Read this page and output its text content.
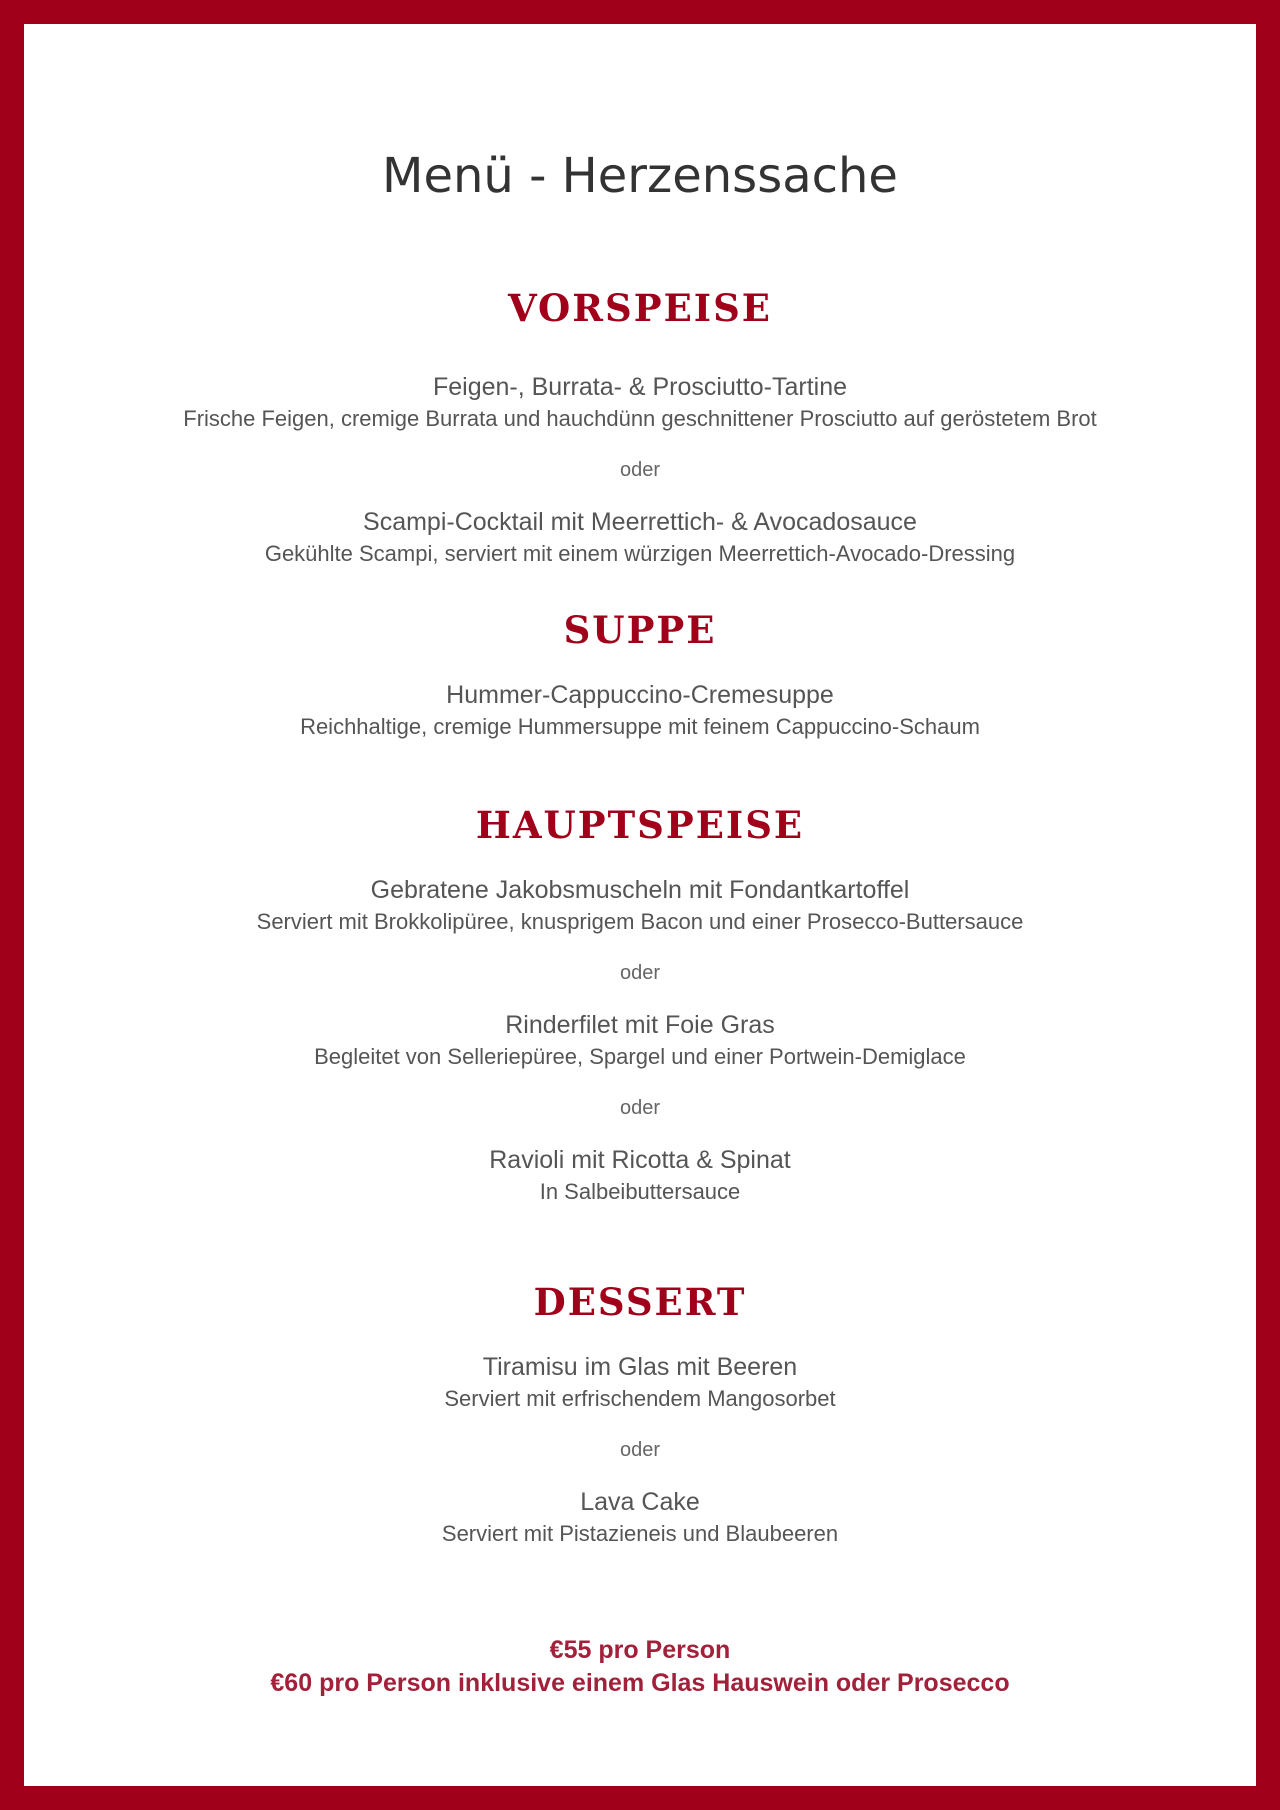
Menü - Herzenssache
VORSPEISE
Feigen-, Burrata- & Prosciutto-Tartine
Frische Feigen, cremige Burrata und hauchdünn geschnittener Prosciutto auf geröstetem Brot
oder
Scampi-Cocktail mit Meerrettich- & Avocadosauce
Gekühlte Scampi, serviert mit einem würzigen Meerrettich-Avocado-Dressing
SUPPE
Hummer-Cappuccino-Cremesuppe
Reichhaltige, cremige Hummersuppe mit feinem Cappuccino-Schaum
HAUPTSPEISE
Gebratene Jakobsmuscheln mit Fondantkartoffel
Serviert mit Brokkolipüree, knusprigem Bacon und einer Prosecco-Buttersauce
oder
Rinderfilet mit Foie Gras
Begleitet von Selleriepüree, Spargel und einer Portwein-Demiglace
oder
Ravioli mit Ricotta & Spinat
In Salbeibuttersauce
DESSERT
Tiramisu im Glas mit Beeren
Serviert mit erfrischendem Mangosorbet
oder
Lava Cake
Serviert mit Pistazieneis und Blaubeeren
€55 pro Person
€60 pro Person inklusive einem Glas Hauswein oder Prosecco
